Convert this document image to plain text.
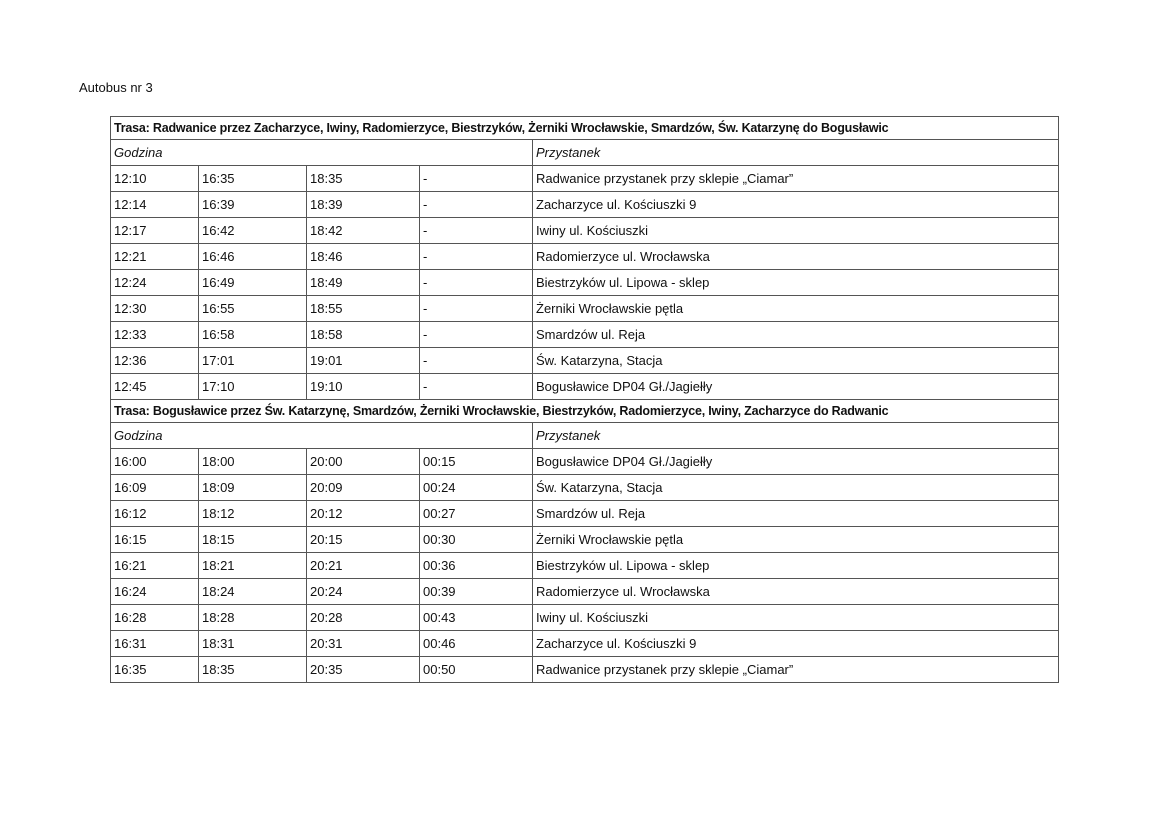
Autobus nr 3
Trasa: Radwanice przez Zacharzyce, Iwiny, Radomierzyce, Biestrzyków, Żerniki Wrocławskie, Smardzów, Św. Katarzynę do Bogusławic				
Godzina				Przystanek
12:10	16:35	18:35	-	Radwanice przystanek przy sklepie „Ciamar”
12:14	16:39	18:39	-	Zacharzyce ul. Kościuszki 9
12:17	16:42	18:42	-	Iwiny ul. Kościuszki
12:21	16:46	18:46	-	Radomierzyce ul. Wrocławska
12:24	16:49	18:49	-	Biestrzyków ul. Lipowa - sklep
12:30	16:55	18:55	-	Żerniki Wrocławskie pętla
12:33	16:58	18:58	-	Smardzów ul. Reja
12:36	17:01	19:01	-	Św. Katarzyna, Stacja
12:45	17:10	19:10	-	Bogusławice DP04 Gł./Jagiełły
Trasa: Bogusławice przez Św. Katarzynę, Smardzów, Żerniki Wrocławskie, Biestrzyków, Radomierzyce, Iwiny, Zacharzyce do Radwanic				
Godzina				Przystanek
16:00	18:00	20:00	00:15	Bogusławice DP04 Gł./Jagiełły
16:09	18:09	20:09	00:24	Św. Katarzyna, Stacja
16:12	18:12	20:12	00:27	Smardzów ul. Reja
16:15	18:15	20:15	00:30	Żerniki Wrocławskie pętla
16:21	18:21	20:21	00:36	Biestrzyków ul. Lipowa - sklep
16:24	18:24	20:24	00:39	Radomierzyce ul. Wrocławska
16:28	18:28	20:28	00:43	Iwiny ul. Kościuszki
16:31	18:31	20:31	00:46	Zacharzyce ul. Kościuszki 9
16:35	18:35	20:35	00:50	Radwanice przystanek przy sklepie „Ciamar”
